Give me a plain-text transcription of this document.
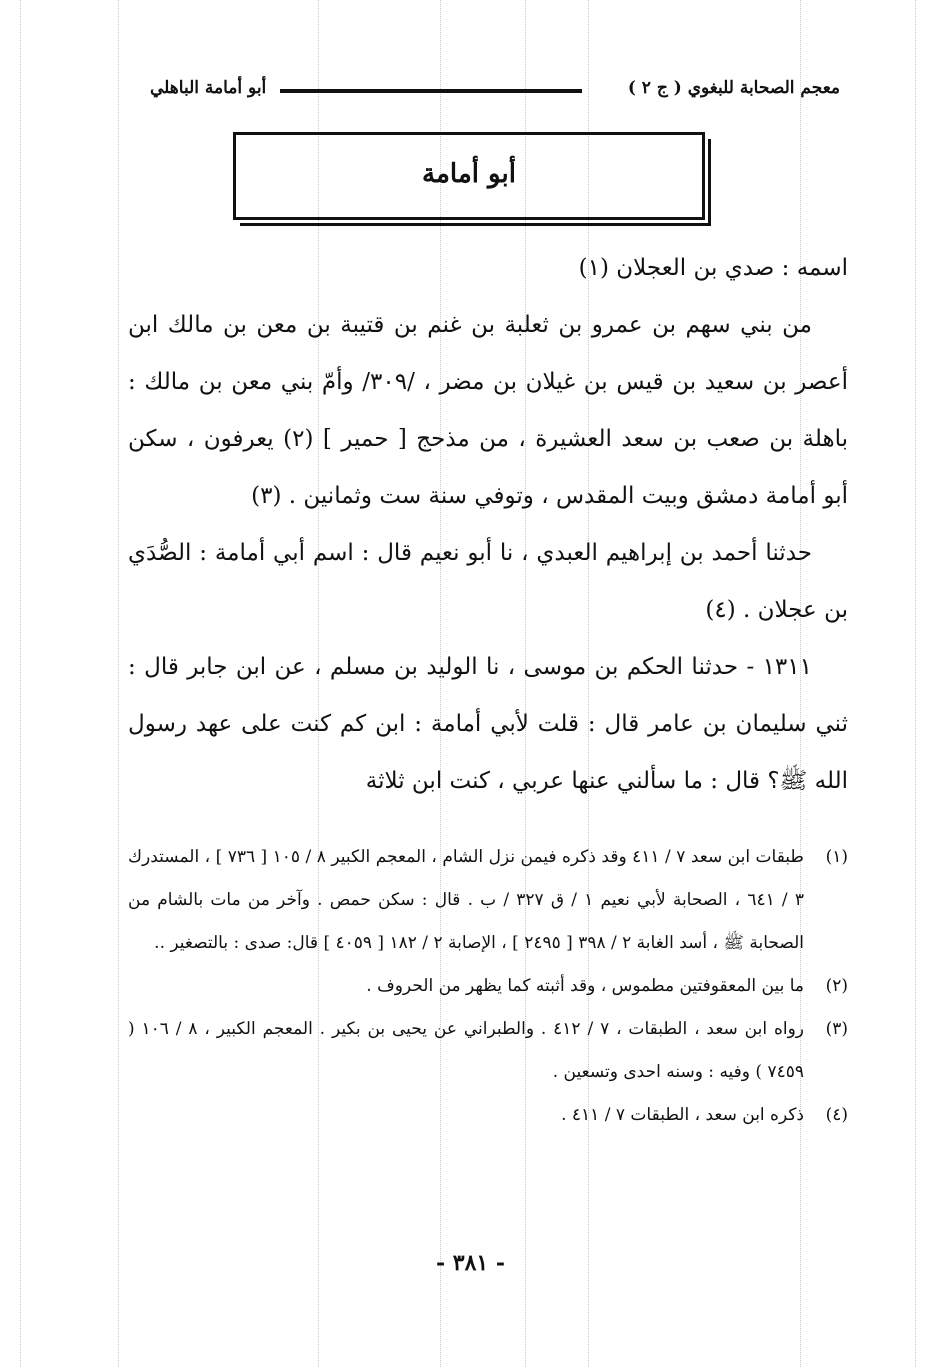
معجم الصحابة للبغوي ( ج ٢ )
أبو أمامة الباهلي
أبو أمامة

اسمه : صدي بن العجلان (١)

من بني سهم بن عمرو بن ثعلبة بن غنم بن قتيبة بن معن بن مالك ابن أعصر بن سعيد بن قيس بن غيلان بن مضر ، /٣٠٩/ وأمّ بني معن بن مالك : باهلة بن صعب بن سعد العشيرة ، من مذحج [ حمير ] (٢) يعرفون ، سكن أبو أمامة دمشق وبيت المقدس ، وتوفي سنة ست وثمانين . (٣)

حدثنا أحمد بن إبراهيم العبدي ، نا أبو نعيم قال : اسم أبي أمامة : الصُّدَي بن عجلان . (٤)

١٣١١ - حدثنا الحكم بن موسى ، نا الوليد بن مسلم ، عن ابن جابر قال : ثني سليمان بن عامر قال : قلت لأبي أمامة : ابن كم كنت على عهد رسول الله ﷺ؟ قال : ما سألني عنها عربي ، كنت ابن ثلاثة

(١)
طبقات ابن سعد ٧ / ٤١١ وقد ذكره فيمن نزل الشام ، المعجم الكبير ٨ / ١٠٥ [ ٧٣٦ ] ، المستدرك ٣ / ٦٤١ ، الصحابة لأبي نعيم ١ / ق ٣٢٧ / ب . قال : سكن حمص . وآخر من مات بالشام من الصحابة ﷺ ، أسد الغابة ٢ / ٣٩٨ [ ٢٤٩٥ ] ، الإصابة ٢ / ١٨٢ [ ٤٠٥٩ ] قال: صدى : بالتصغير ..
(٢)
ما بين المعقوفتين مطموس ، وقد أثبته كما يظهر من الحروف .
(٣)
رواه ابن سعد ، الطبقات ، ٧ / ٤١٢ . والطبراني عن يحيى بن بكير . المعجم الكبير ، ٨ / ١٠٦ ( ٧٤٥٩ ) وفيه : وسنه احدى وتسعين .
(٤)
ذكره ابن سعد ، الطبقات ٧ / ٤١١ .
- ٣٨١ -
